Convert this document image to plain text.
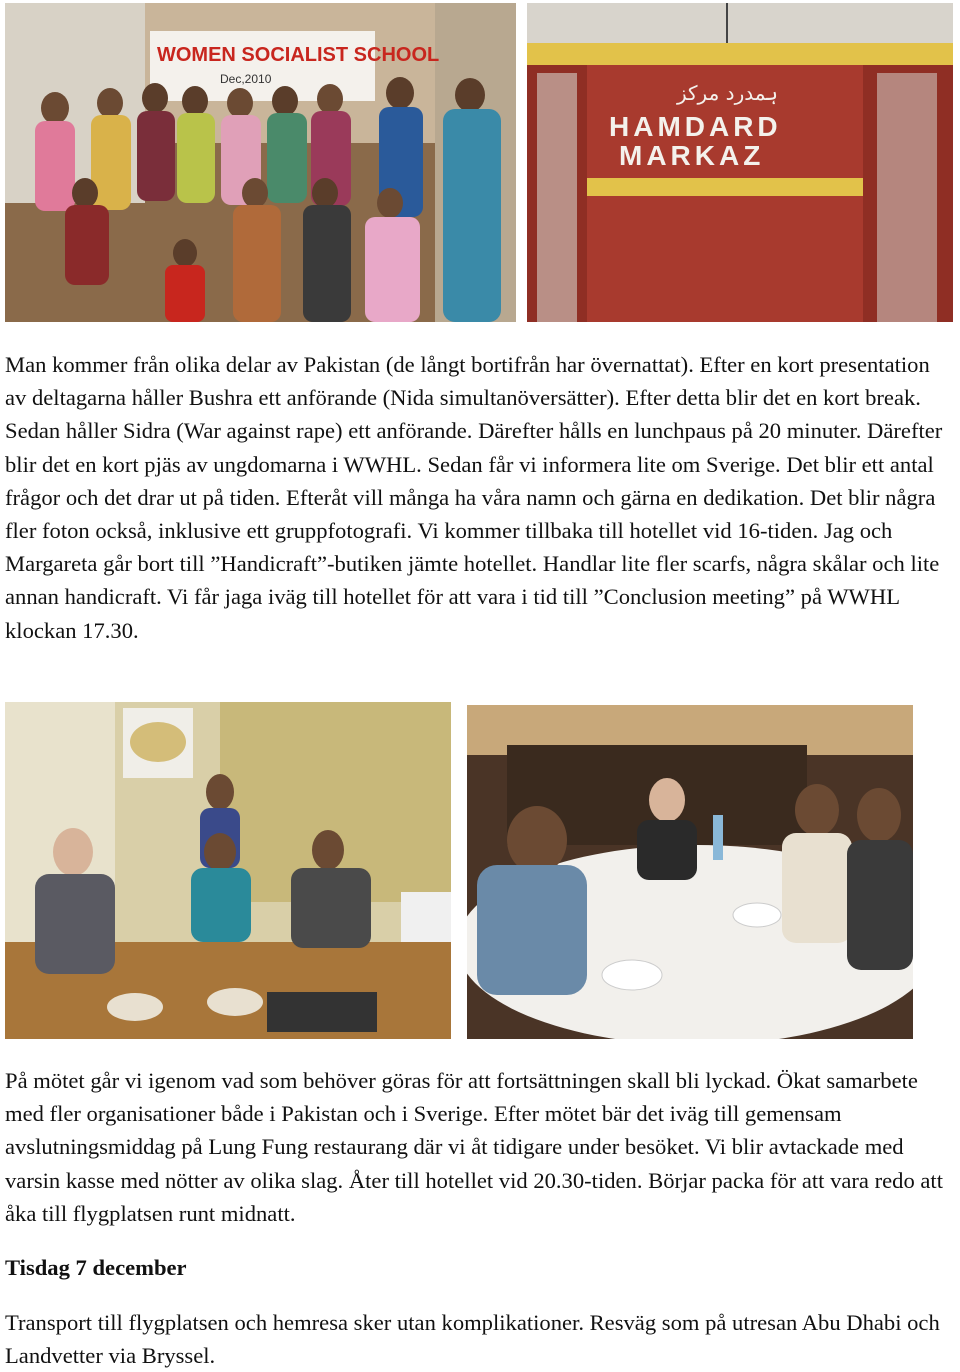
WOMEN SOCIALIST SCHOOL
Dec,2010
ہمدرد مرکز
HAMDARD
MARKAZ

Man kommer från olika delar av Pakistan (de långt bortifrån har övernattat). Efter en kort presentation av deltagarna håller Bushra ett anförande (Nida simultanöversätter). Efter detta blir det en kort break. Sedan håller Sidra (War against rape) ett anförande. Därefter hålls en lunchpaus på 20 minuter. Därefter blir det en kort pjäs av ungdomarna i WWHL. Sedan får vi informera lite om Sverige. Det blir ett antal frågor och det drar ut på tiden. Efteråt vill många ha våra namn och gärna en dedikation. Det blir några fler foton också, inklusive ett gruppfotografi. Vi kommer tillbaka till hotellet vid 16-tiden. Jag och Margareta går bort till ”Handicraft”-butiken jämte hotellet. Handlar lite fler scarfs, några skålar och lite annan handicraft. Vi får jaga iväg till hotellet för att vara i tid till ”Conclusion meeting” på WWHL klockan 17.30.

På mötet går vi igenom vad som behöver göras för att fortsättningen skall bli lyckad. Ökat samarbete med fler organisationer både i Pakistan och i Sverige. Efter mötet bär det iväg till gemensam avslutningsmiddag på Lung Fung restaurang där vi åt tidigare under besöket. Vi blir avtackade med varsin kasse med nötter av olika slag. Åter till hotellet vid 20.30-tiden. Börjar packa för att vara redo att åka till flygplatsen runt midnatt.

Tisdag 7 december

Transport till flygplatsen och hemresa sker utan komplikationer. Resväg som på utresan Abu Dhabi och Landvetter via Bryssel.
